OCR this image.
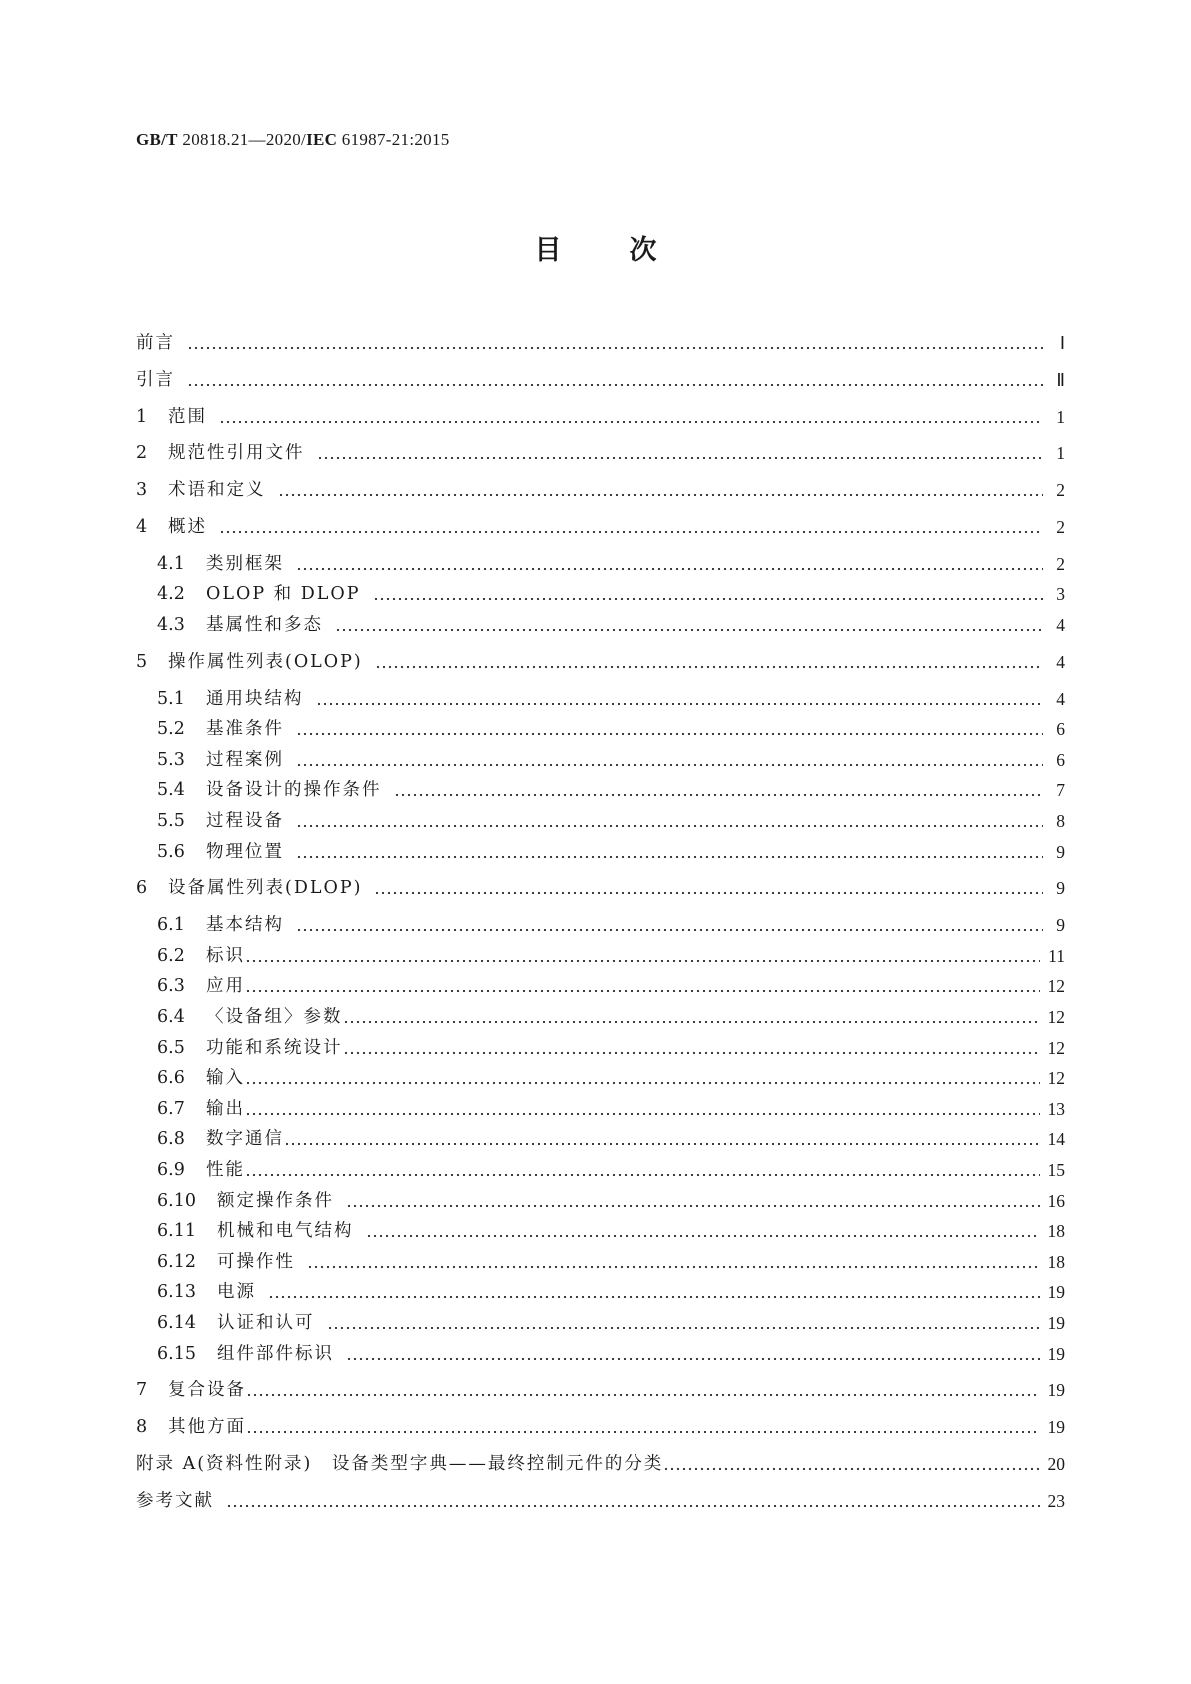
GB/T 20818.21—2020/IEC 61987-21:2015
目	次
前言	Ⅰ
引言	Ⅱ
1	范围	1
2	规范性引用文件	1
3	术语和定义	2
4	概述	2
4.1	类别框架	2
4.2	OLOP 和 DLOP	3
4.3	基属性和多态	4
5	操作属性列表(OLOP)	4
5.1	通用块结构	4
5.2	基准条件	6
5.3	过程案例	6
5.4	设备设计的操作条件	7
5.5	过程设备	8
5.6	物理位置	9
6	设备属性列表(DLOP)	9
6.1	基本结构	9
6.2	标识	11
6.3	应用	12
6.4	〈设备组〉参数	12
6.5	功能和系统设计	12
6.6	输入	12
6.7	输出	13
6.8	数字通信	14
6.9	性能	15
6.10	额定操作条件	16
6.11	机械和电气结构	18
6.12	可操作性	18
6.13	电源	19
6.14	认证和认可	19
6.15	组件部件标识	19
7	复合设备	19
8	其他方面	19
附录 A(资料性附录)　设备类型字典——最终控制元件的分类	20
参考文献	23
